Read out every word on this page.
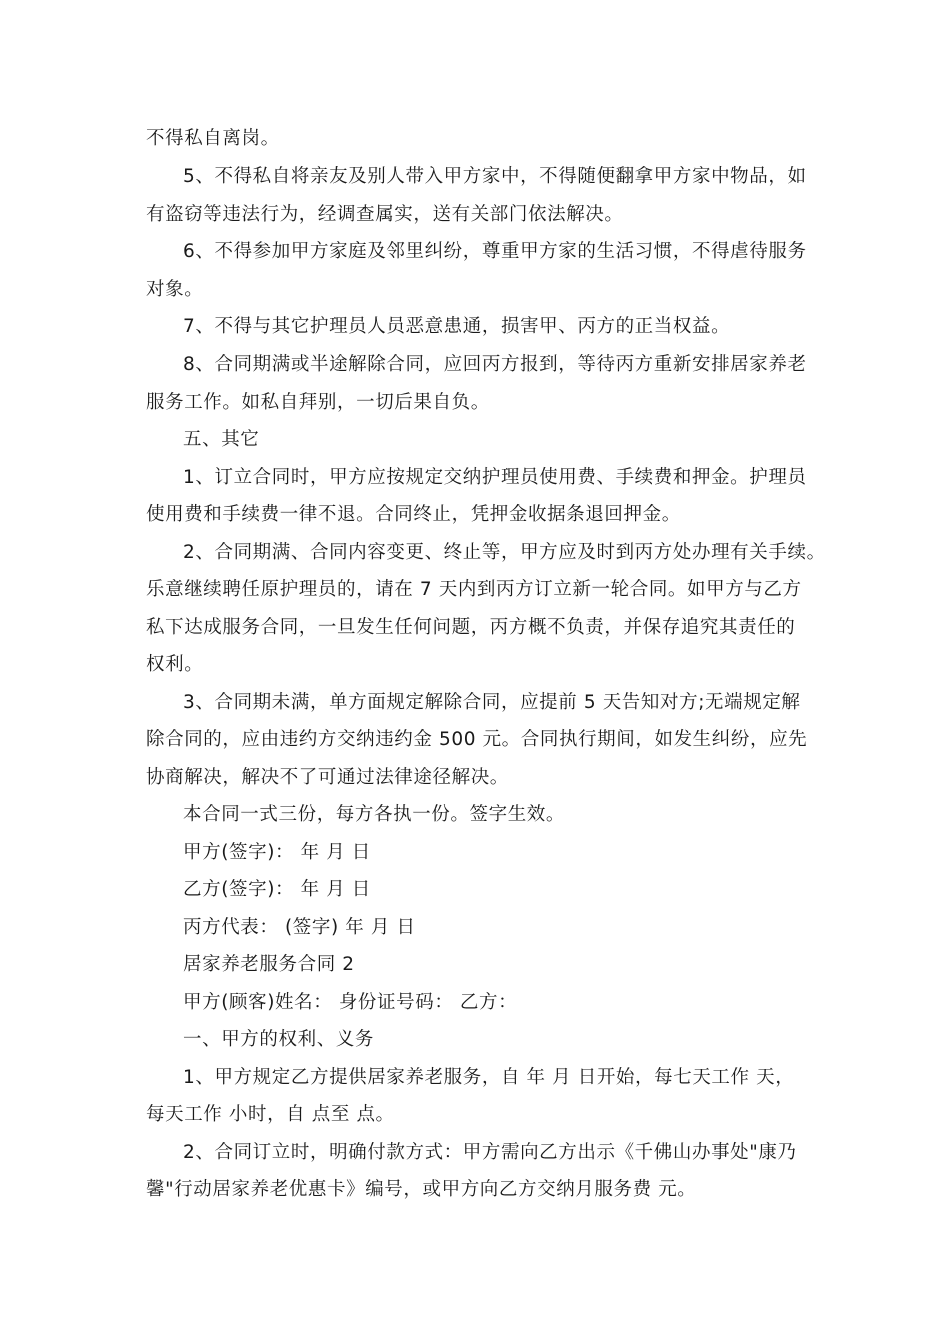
不得私自离岗。
5、不得私自将亲友及别人带入甲方家中，不得随便翻拿甲方家中物品，如
有盗窃等违法行为，经调查属实，送有关部门依法解决。
6、不得参加甲方家庭及邻里纠纷，尊重甲方家的生活习惯，不得虐待服务
对象。
7、不得与其它护理员人员恶意患通，损害甲、丙方的正当权益。
8、合同期满或半途解除合同，应回丙方报到，等待丙方重新安排居家养老
服务工作。如私自拜别，一切后果自负。
五、其它
1、订立合同时，甲方应按规定交纳护理员使用费、手续费和押金。护理员
使用费和手续费一律不退。合同终止，凭押金收据条退回押金。
2、合同期满、合同内容变更、终止等，甲方应及时到丙方处办理有关手续。
乐意继续聘任原护理员的，请在 7 天内到丙方订立新一轮合同。如甲方与乙方
私下达成服务合同，一旦发生任何问题，丙方概不负责，并保存追究其责任的
权利。
3、合同期未满，单方面规定解除合同，应提前 5 天告知对方;无端规定解
除合同的，应由违约方交纳违约金 500 元。合同执行期间，如发生纠纷，应先
协商解决，解决不了可通过法律途径解决。
本合同一式三份，每方各执一份。签字生效。
甲方(签字)： 年 月 日
乙方(签字)： 年 月 日
丙方代表： (签字) 年 月 日
居家养老服务合同 2
甲方(顾客)姓名： 身份证号码： 乙方：
一、甲方的权利、义务
1、甲方规定乙方提供居家养老服务，自 年 月 日开始，每七天工作 天，
每天工作 小时，自 点至 点。
2、合同订立时，明确付款方式：甲方需向乙方出示《千佛山办事处"康乃
馨"行动居家养老优惠卡》编号，或甲方向乙方交纳月服务费 元。
